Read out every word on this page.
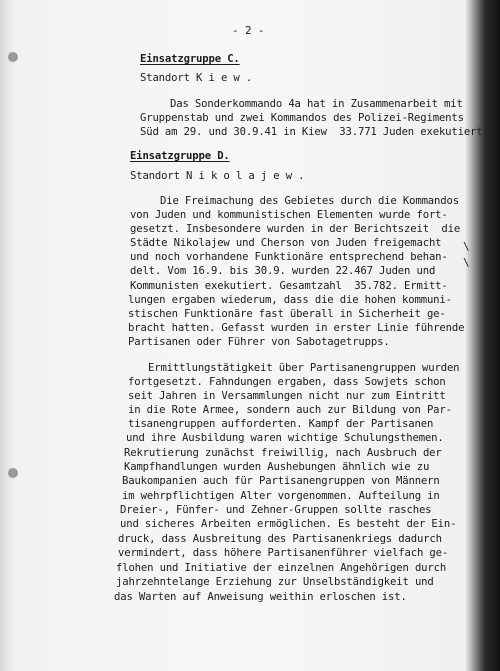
- 2 -
Einsatzgruppe C.
Standort K i e w .
Das Sonderkommando 4a hat in Zusammenarbeit mit
Gruppenstab und zwei Kommandos des Polizei-Regiments
Süd am 29. und 30.9.41 in Kiew  33.771 Juden exekutiert.
Einsatzgruppe D.
Standort N i k o l a j e w .
Die Freimachung des Gebietes durch die Kommandos
von Juden und kommunistischen Elementen wurde fort-
gesetzt. Insbesondere wurden in der Berichtszeit  die
Städte Nikolajew und Cherson von Juden freigemacht
und noch vorhandene Funktionäre entsprechend behan-
delt. Vom 16.9. bis 30.9. wurden 22.467 Juden und
Kommunisten exekutiert. Gesamtzahl  35.782. Ermitt-
lungen ergaben wiederum, dass die die hohen kommuni-
stischen Funktionäre fast überall in Sicherheit ge-
bracht hatten. Gefasst wurden in erster Linie führende
Partisanen oder Führer von Sabotagetrupps.
Ermittlungstätigkeit über Partisanengruppen wurden
fortgesetzt. Fahndungen ergaben, dass Sowjets schon
seit Jahren in Versammlungen nicht nur zum Eintritt
in die Rote Armee, sondern auch zur Bildung von Par-
tisanengruppen aufforderten. Kampf der Partisanen
und ihre Ausbildung waren wichtige Schulungsthemen.
Rekrutierung zunächst freiwillig, nach Ausbruch der
Kampfhandlungen wurden Aushebungen ähnlich wie zu
Baukompanien auch für Partisanengruppen von Männern
im wehrpflichtigen Alter vorgenommen. Aufteilung in
Dreier-, Fünfer- und Zehner-Gruppen sollte rasches
und sicheres Arbeiten ermöglichen. Es besteht der Ein-
druck, dass Ausbreitung des Partisanenkriegs dadurch
vermindert, dass höhere Partisanenführer vielfach ge-
flohen und Initiative der einzelnen Angehörigen durch
jahrzehntelange Erziehung zur Unselbständigkeit und
das Warten auf Anweisung weithin erloschen ist.
\
\
